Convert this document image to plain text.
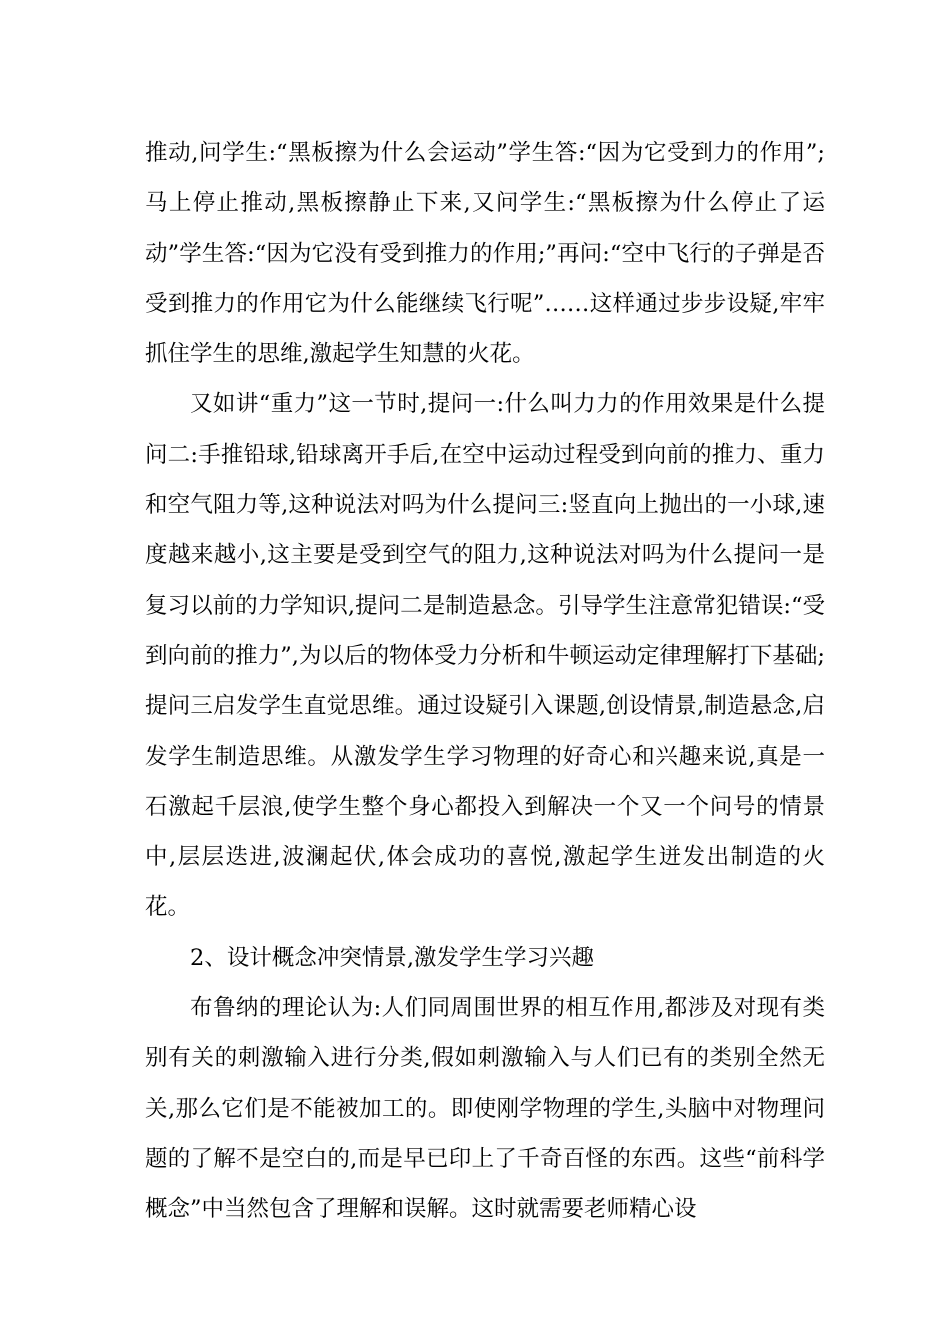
推动,问学生:“黑板擦为什么会运动”学生答:“因为它受到力的作用”;马上停止推动,黑板擦静止下来,又问学生:“黑板擦为什么停止了运动”学生答:“因为它没有受到推力的作用;”再问:“空中飞行的子弹是否受到推力的作用它为什么能继续飞行呢”……这样通过步步设疑,牢牢抓住学生的思维,激起学生知慧的火花。

又如讲“重力”这一节时,提问一:什么叫力力的作用效果是什么提问二:手推铅球,铅球离开手后,在空中运动过程受到向前的推力、重力和空气阻力等,这种说法对吗为什么提问三:竖直向上抛出的一小球,速度越来越小,这主要是受到空气的阻力,这种说法对吗为什么提问一是复习以前的力学知识,提问二是制造悬念。引导学生注意常犯错误:“受到向前的推力”,为以后的物体受力分析和牛顿运动定律理解打下基础;提问三启发学生直觉思维。通过设疑引入课题,创设情景,制造悬念,启发学生制造思维。从激发学生学习物理的好奇心和兴趣来说,真是一石激起千层浪,使学生整个身心都投入到解决一个又一个问号的情景中,层层迭进,波澜起伏,体会成功的喜悦,激起学生迸发出制造的火花。

2、设计概念冲突情景,激发学生学习兴趣

布鲁纳的理论认为:人们同周围世界的相互作用,都涉及对现有类别有关的刺激输入进行分类,假如刺激输入与人们已有的类别全然无关,那么它们是不能被加工的。即使刚学物理的学生,头脑中对物理问题的了解不是空白的,而是早已印上了千奇百怪的东西。这些“前科学概念”中当然包含了理解和误解。这时就需要老师精心设
